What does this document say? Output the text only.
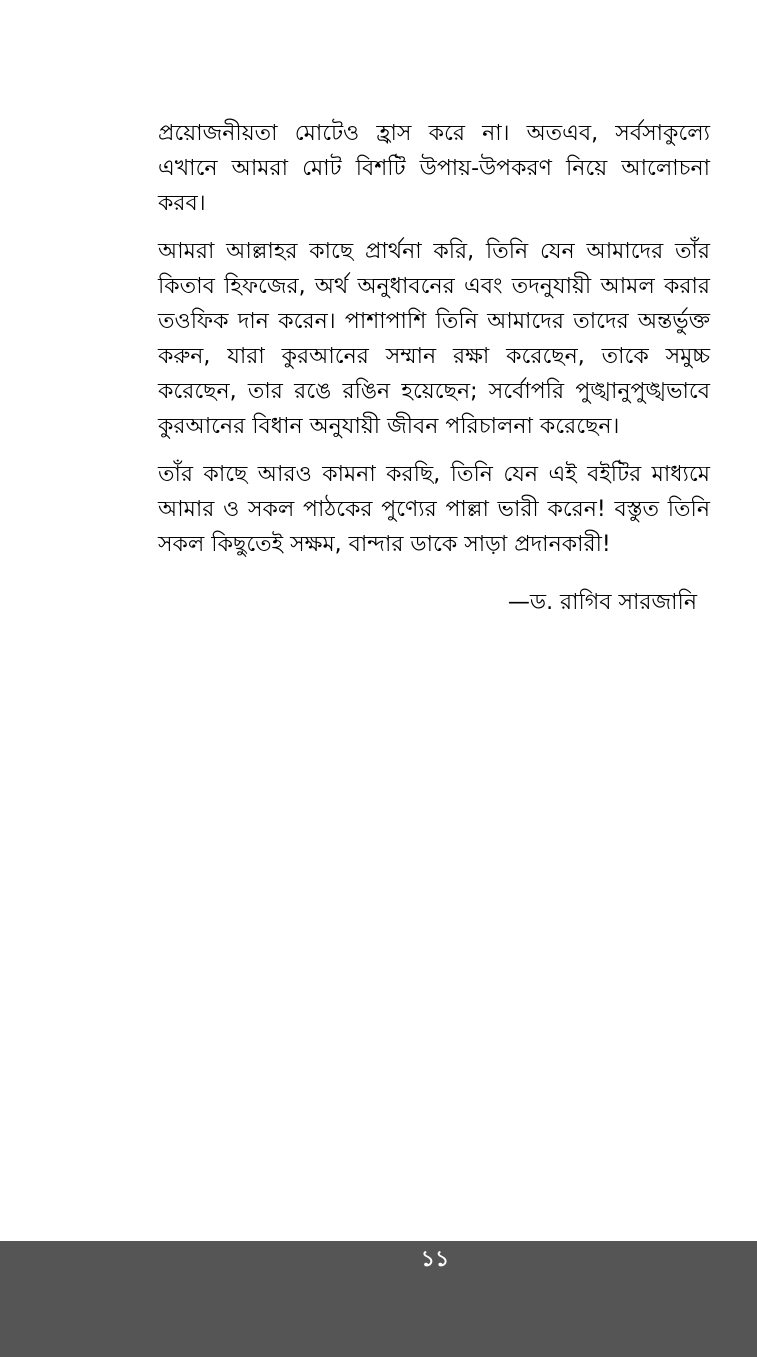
প্রয়োজনীয়তা মোটেও হ্রাস করে না। অতএব, সর্বসাকুল্যে এখানে আমরা মোট বিশটি উপায়-উপকরণ নিয়ে আলোচনা করব।

আমরা আল্লাহর কাছে প্রার্থনা করি, তিনি যেন আমাদের তাঁর কিতাব হিফজের, অর্থ অনুধাবনের এবং তদনুযায়ী আমল করার তওফিক দান করেন। পাশাপাশি তিনি আমাদের তাদের অন্তর্ভুক্ত করুন, যারা কুরআনের সম্মান রক্ষা করেছেন, তাকে সমুচ্চ করেছেন, তার রঙে রঙিন হয়েছেন; সর্বোপরি পুঙ্খানুপুঙ্খভাবে কুরআনের বিধান অনুযায়ী জীবন পরিচালনা করেছেন।

তাঁর কাছে আরও কামনা করছি, তিনি যেন এই বইটির মাধ্যমে আমার ও সকল পাঠকের পুণ্যের পাল্লা ভারী করেন! বস্তুত তিনি সকল কিছুতেই সক্ষম, বান্দার ডাকে সাড়া প্রদানকারী!

—ড. রাগিব সারজানি
১১
